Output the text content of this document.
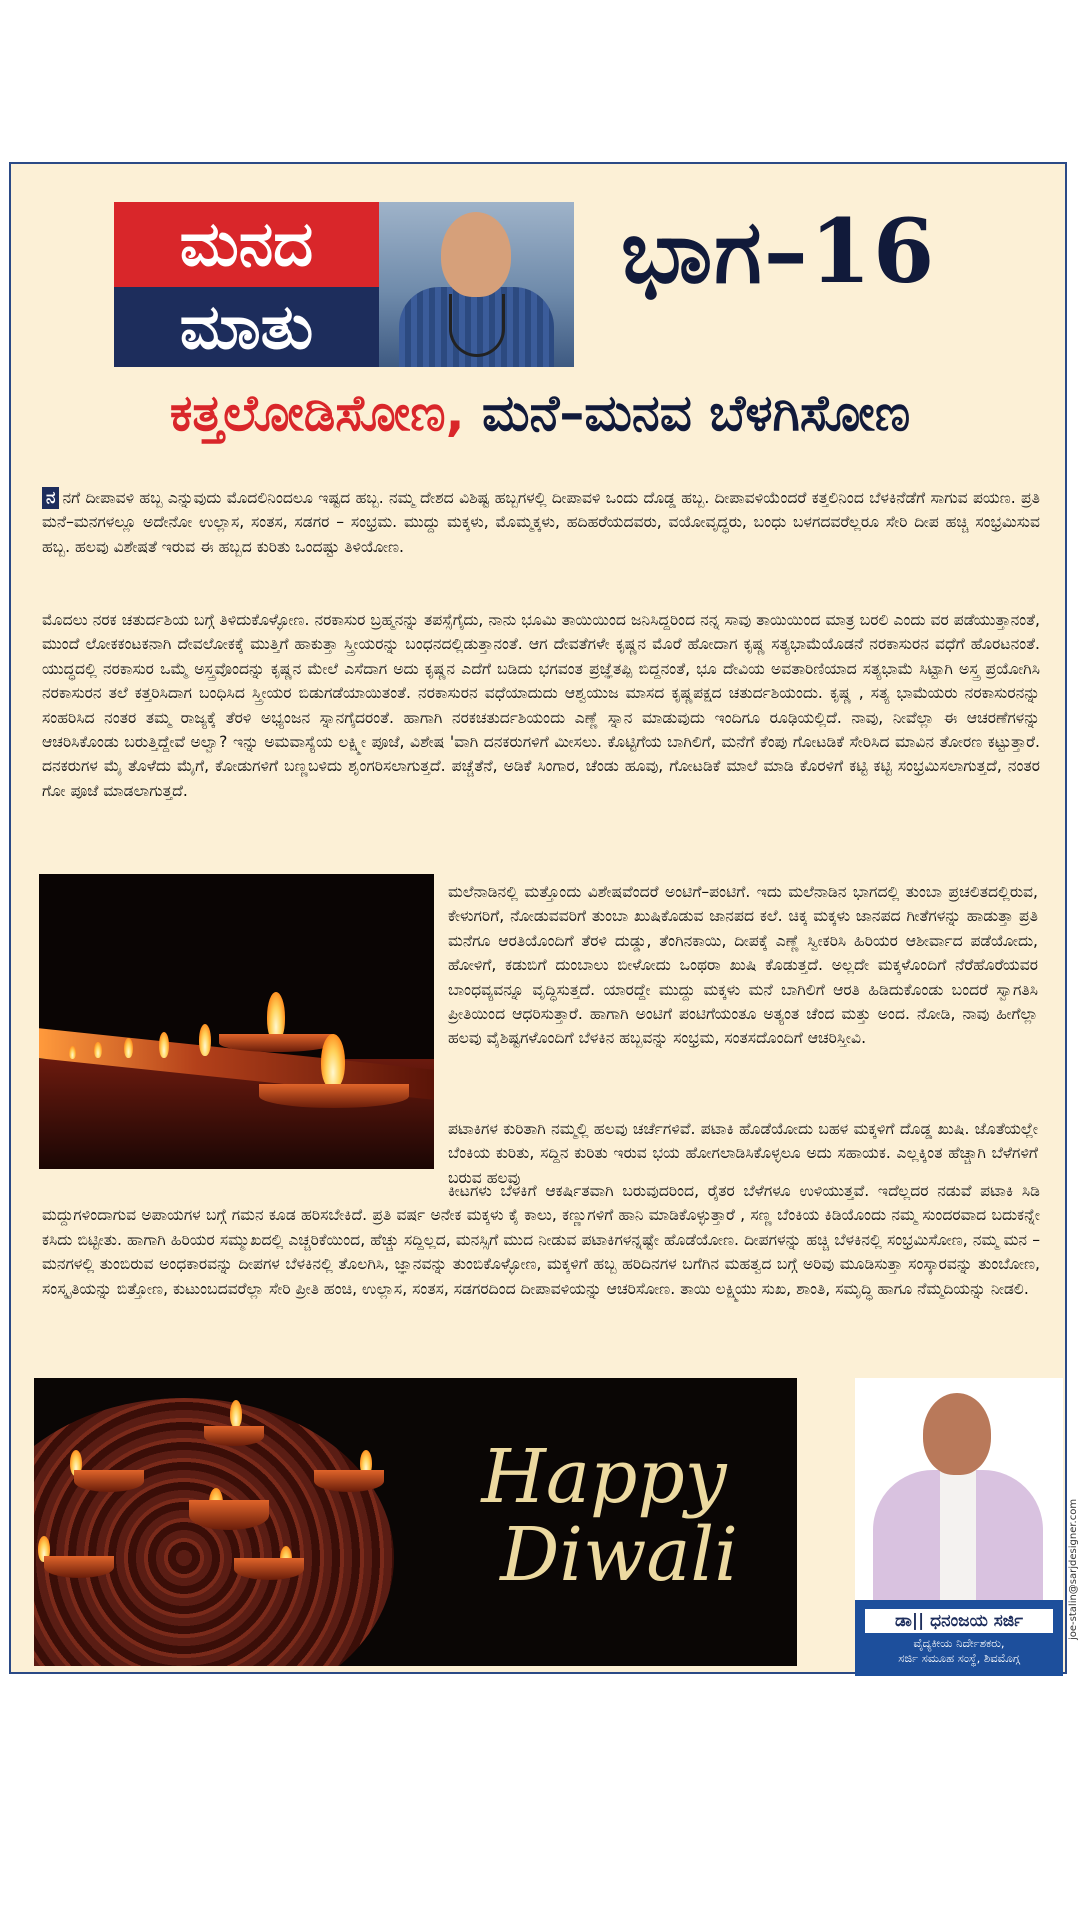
ಮನದ
ಮಾತು
ಭಾಗ–16
ಕತ್ತಲೋಡಿಸೋಣ, ಮನೆ–ಮನವ ಬೆಳಗಿಸೋಣ
ನ ನಗೆ ದೀಪಾವಳಿ ಹಬ್ಬ ಎನ್ನುವುದು ಮೊದಲಿನಿಂದಲೂ ಇಷ್ಟದ ಹಬ್ಬ. ನಮ್ಮ ದೇಶದ ವಿಶಿಷ್ಟ ಹಬ್ಬಗಳಲ್ಲಿ ದೀಪಾವಳಿ ಒಂದು ದೊಡ್ಡ ಹಬ್ಬ. ದೀಪಾವಳಿಯೆಂದರೆ ಕತ್ತಲಿನಿಂದ ಬೆಳಕಿನೆಡೆಗೆ ಸಾಗುವ ಪಯಣ. ಪ್ರತಿ ಮನೆ–ಮನಗಳಲ್ಲೂ ಅದೇನೋ ಉಲ್ಲಾಸ, ಸಂತಸ, ಸಡಗರ – ಸಂಭ್ರಮ. ಮುದ್ದು ಮಕ್ಕಳು, ಮೊಮ್ಮಕ್ಕಳು, ಹದಿಹರೆಯದವರು, ವಯೋವೃದ್ಧರು, ಬಂಧು ಬಳಗದವರೆಲ್ಲರೂ ಸೇರಿ ದೀಪ ಹಚ್ಚಿ ಸಂಭ್ರಮಿಸುವ ಹಬ್ಬ. ಹಲವು ವಿಶೇಷತೆ ಇರುವ ಈ ಹಬ್ಬದ ಕುರಿತು ಒಂದಷ್ಟು ತಿಳಿಯೋಣ.
ಮೊದಲು ನರಕ ಚತುರ್ದಶಿಯ ಬಗ್ಗೆ ತಿಳಿದುಕೊಳ್ಳೋಣ. ನರಕಾಸುರ ಬ್ರಹ್ಮನನ್ನು ತಪಸ್ಸೆಗೈದು, ನಾನು ಭೂಮಿ ತಾಯಿಯಿಂದ ಜನಿಸಿದ್ದರಿಂದ ನನ್ನ ಸಾವು ತಾಯಿಯಿಂದ ಮಾತ್ರ ಬರಲಿ ಎಂದು ವರ ಪಡೆಯುತ್ತಾನಂತೆ, ಮುಂದೆ ಲೋಕಕಂಟಕನಾಗಿ ದೇವಲೋಕಕ್ಕೆ ಮುತ್ತಿಗೆ ಹಾಕುತ್ತಾ ಸ್ತ್ರೀಯರನ್ನು ಬಂಧನದಲ್ಲಿಡುತ್ತಾನಂತೆ. ಆಗ ದೇವತೆಗಳೇ ಕೃಷ್ಣನ ಮೊರೆ ಹೋದಾಗ ಕೃಷ್ಣ ಸತ್ಯಭಾಮೆಯೊಡನೆ ನರಕಾಸುರನ ವಧೆಗೆ ಹೊರಟನಂತೆ. ಯುದ್ಧದಲ್ಲಿ ನರಕಾಸುರ ಒಮ್ಮೆ ಅಸ್ತ್ರವೊಂದನ್ನು ಕೃಷ್ಣನ ಮೇಲೆ ಎಸೆದಾಗ ಅದು ಕೃಷ್ಣನ ಎದೆಗೆ ಬಡಿದು ಭಗವಂತ ಪ್ರಜ್ಞೆತಪ್ಪಿ ಬಿದ್ದನಂತೆ, ಭೂ ದೇವಿಯ ಅವತಾರಿಣಿಯಾದ ಸತ್ಯಭಾಮೆ ಸಿಟ್ಟಾಗಿ ಅಸ್ತ್ರ ಪ್ರಯೋಗಿಸಿ ನರಕಾಸುರನ ತಲೆ ಕತ್ತರಿಸಿದಾಗ ಬಂಧಿಸಿದ ಸ್ತ್ರೀಯರ ಬಿಡುಗಡೆಯಾಯಿತಂತೆ. ನರಕಾಸುರನ ವಧೆಯಾದುದು ಆಶ್ವಯುಜ ಮಾಸದ ಕೃಷ್ಣಪಕ್ಷದ ಚತುರ್ದಶಿಯಂದು. ಕೃಷ್ಣ , ಸತ್ಯ ಭಾಮೆಯರು ನರಕಾಸುರನನ್ನು ಸಂಹರಿಸಿದ ನಂತರ ತಮ್ಮ ರಾಜ್ಯಕ್ಕೆ ತೆರಳಿ ಅಭ್ಯಂಜನ ಸ್ನಾನಗೈದರಂತೆ. ಹಾಗಾಗಿ ನರಕಚತುರ್ದಶಿಯಂದು ಎಣ್ಣೆ ಸ್ನಾನ ಮಾಡುವುದು ಇಂದಿಗೂ ರೂಢಿಯಲ್ಲಿದೆ. ನಾವು, ನೀವೆಲ್ಲಾ ಈ ಆಚರಣೆಗಳನ್ನು ಆಚರಿಸಿಕೊಂಡು ಬರುತ್ತಿದ್ದೇವೆ ಅಲ್ವಾ? ಇನ್ನು ಅಮವಾಸ್ಯೆಯ ಲಕ್ಷ್ಮೀ ಪೂಜೆ, ವಿಶೇಷ 'ವಾಗಿ ದನಕರುಗಳಿಗೆ ಮೀಸಲು. ಕೊಟ್ಟಿಗೆಯ ಬಾಗಿಲಿಗೆ, ಮನೆಗೆ ಕೆಂಪು ಗೋಟಡಿಕೆ ಸೇರಿಸಿದ ಮಾವಿನ ತೋರಣ ಕಟ್ಟುತ್ತಾರೆ. ದನಕರುಗಳ ಮೈ ತೊಳೆದು ಮೈಗೆ, ಕೋಡುಗಳಿಗೆ ಬಣ್ಣಬಳಿದು ಶೃಂಗರಿಸಲಾಗುತ್ತದೆ. ಪಚ್ಚೆತೆನೆ, ಅಡಿಕೆ ಸಿಂಗಾರ, ಚೆಂಡು ಹೂವು, ಗೋಟಡಿಕೆ ಮಾಲೆ ಮಾಡಿ ಕೊರಳಿಗೆ ಕಟ್ಟಿ ಕಟ್ಟಿ ಸಂಭ್ರಮಿಸಲಾಗುತ್ತದೆ, ನಂತರ ಗೋ ಪೂಜೆ ಮಾಡಲಾಗುತ್ತದೆ.
ಮಲೆನಾಡಿನಲ್ಲಿ ಮತ್ತೊಂದು ವಿಶೇಷವೆಂದರೆ ಅಂಟಿಗೆ–ಪಂಟಿಗೆ. ಇದು ಮಲೆನಾಡಿನ ಭಾಗದಲ್ಲಿ ತುಂಬಾ ಪ್ರಚಲಿತದಲ್ಲಿರುವ, ಕೇಳುಗರಿಗೆ, ನೋಡುವವರಿಗೆ ತುಂಬಾ ಖುಷಿಕೊಡುವ ಜಾನಪದ ಕಲೆ. ಚಿಕ್ಕ ಮಕ್ಕಳು ಜಾನಪದ ಗೀತೆಗಳನ್ನು ಹಾಡುತ್ತಾ ಪ್ರತಿ ಮನೆಗೂ ಆರತಿಯೊಂದಿಗೆ ತೆರಳಿ ದುಡ್ಡು, ತೆಂಗಿನಕಾಯಿ, ದೀಪಕ್ಕೆ ಎಣ್ಣೆ ಸ್ವೀಕರಿಸಿ ಹಿರಿಯರ ಆಶೀರ್ವಾದ ಪಡೆಯೋದು, ಹೋಳಿಗೆ, ಕಡುಬಿಗೆ ದುಂಬಾಲು ಬೀಳೋದು ಒಂಥರಾ ಖುಷಿ ಕೊಡುತ್ತದೆ. ಅಲ್ಲದೇ ಮಕ್ಕಳೊಂದಿಗೆ ನೆರೆಹೊರೆಯವರ ಬಾಂಧವ್ಯವನ್ನೂ ವೃದ್ಧಿಸುತ್ತದೆ. ಯಾರದ್ದೇ ಮುದ್ದು ಮಕ್ಕಳು ಮನೆ ಬಾಗಿಲಿಗೆ ಆರತಿ ಹಿಡಿದುಕೊಂಡು ಬಂದರೆ ಸ್ವಾಗತಿಸಿ ಪ್ರೀತಿಯಿಂದ ಆಧರಿಸುತ್ತಾರೆ. ಹಾಗಾಗಿ ಅಂಟಿಗೆ ಪಂಟಿಗೆಯಂತೂ ಅತ್ಯಂತ ಚೆಂದ ಮತ್ತು ಅಂದ. ನೋಡಿ, ನಾವು ಹೀಗೆಲ್ಲಾ ಹಲವು ವೈಶಿಷ್ಟಗಳೊಂದಿಗೆ ಬೆಳಕಿನ ಹಬ್ಬವನ್ನು ಸಂಭ್ರಮ, ಸಂತಸದೊಂದಿಗೆ ಆಚರಿಸ್ತೀವಿ.
ಪಟಾಕಿಗಳ ಕುರಿತಾಗಿ ನಮ್ಮಲ್ಲಿ ಹಲವು ಚರ್ಚೆಗಳಿವೆ. ಪಟಾಕಿ ಹೊಡೆಯೋದು ಬಹಳ ಮಕ್ಕಳಿಗೆ ದೊಡ್ಡ ಖುಷಿ. ಜೊತೆಯಲ್ಲೇ ಬೆಂಕಿಯ ಕುರಿತು, ಸದ್ದಿನ ಕುರಿತು ಇರುವ ಭಯ ಹೋಗಲಾಡಿಸಿಕೊಳ್ಳಲೂ ಅದು ಸಹಾಯಕ. ಎಲ್ಲಕ್ಕಿಂತ ಹೆಚ್ಚಾಗಿ ಬೆಳೆಗಳಿಗೆ ಬರುವ ಹಲವು
ಕೀಟಗಳು ಬೆಳಕಿಗೆ ಆಕರ್ಷಿತವಾಗಿ ಬರುವುದರಿಂದ, ರೈತರ ಬೆಳೆಗಳೂ ಉಳಿಯುತ್ತವೆ. ಇದೆಲ್ಲದರ ನಡುವೆ ಪಟಾಕಿ ಸಿಡಿ ಮದ್ದುಗಳಿಂದಾಗುವ ಅಪಾಯಗಳ ಬಗ್ಗೆ ಗಮನ ಕೂಡ ಹರಿಸಬೇಕಿದೆ. ಪ್ರತಿ ವರ್ಷ ಅನೇಕ ಮಕ್ಕಳು ಕೈ ಕಾಲು, ಕಣ್ಣುಗಳಿಗೆ ಹಾನಿ ಮಾಡಿಕೊಳ್ಳುತ್ತಾರೆ , ಸಣ್ಣ ಬೆಂಕಿಯ ಕಿಡಿಯೊಂದು ನಮ್ಮ ಸುಂದರವಾದ ಬದುಕನ್ನೇ ಕಸಿದು ಬಿಟ್ಟೀತು. ಹಾಗಾಗಿ ಹಿರಿಯರ ಸಮ್ಮುಖದಲ್ಲಿ ಎಚ್ಚರಿಕೆಯಿಂದ, ಹೆಚ್ಚು ಸದ್ದಿಲ್ಲದ, ಮನಸ್ಸಿಗೆ ಮುದ ನೀಡುವ ಪಟಾಕಿಗಳನ್ನಷ್ಟೇ ಹೊಡೆಯೋಣ. ದೀಪಗಳನ್ನು ಹಚ್ಚಿ ಬೆಳಕಿನಲ್ಲಿ ಸಂಭ್ರಮಿಸೋಣ, ನಮ್ಮ ಮನ – ಮನಗಳಲ್ಲಿ ತುಂಬಿರುವ ಅಂಧಕಾರವನ್ನು ದೀಪಗಳ ಬೆಳಕಿನಲ್ಲಿ ತೊಲಗಿಸಿ, ಜ್ಞಾನವನ್ನು ತುಂಬಿಕೊಳ್ಳೋಣ, ಮಕ್ಕಳಿಗೆ ಹಬ್ಬ ಹರಿದಿನಗಳ ಬಗೆಗಿನ ಮಹತ್ವದ ಬಗ್ಗೆ ಅರಿವು ಮೂಡಿಸುತ್ತಾ ಸಂಸ್ಕಾರವನ್ನು ತುಂಬೋಣ, ಸಂಸ್ಕೃತಿಯನ್ನು ಬಿತ್ತೋಣ, ಕುಟುಂಬದವರೆಲ್ಲಾ ಸೇರಿ ಪ್ರೀತಿ ಹಂಚಿ, ಉಲ್ಲಾಸ, ಸಂತಸ, ಸಡಗರದಿಂದ ದೀಪಾವಳಿಯನ್ನು ಆಚರಿಸೋಣ. ತಾಯಿ ಲಕ್ಷ್ಮಿಯು ಸುಖ, ಶಾಂತಿ, ಸಮೃದ್ಧಿ ಹಾಗೂ ನೆಮ್ಮದಿಯನ್ನು ನೀಡಲಿ.
Happy
Diwali
ಡಾ|| ಧನಂಜಯ ಸರ್ಜಿ
ವೈದ್ಯಕೀಯ ನಿರ್ದೇಶಕರು,
ಸರ್ಜಿ ಸಮೂಹ ಸಂಸ್ಥೆ, ಶಿವಮೊಗ್ಗ
joe-stalin@sarjdesigner.com
